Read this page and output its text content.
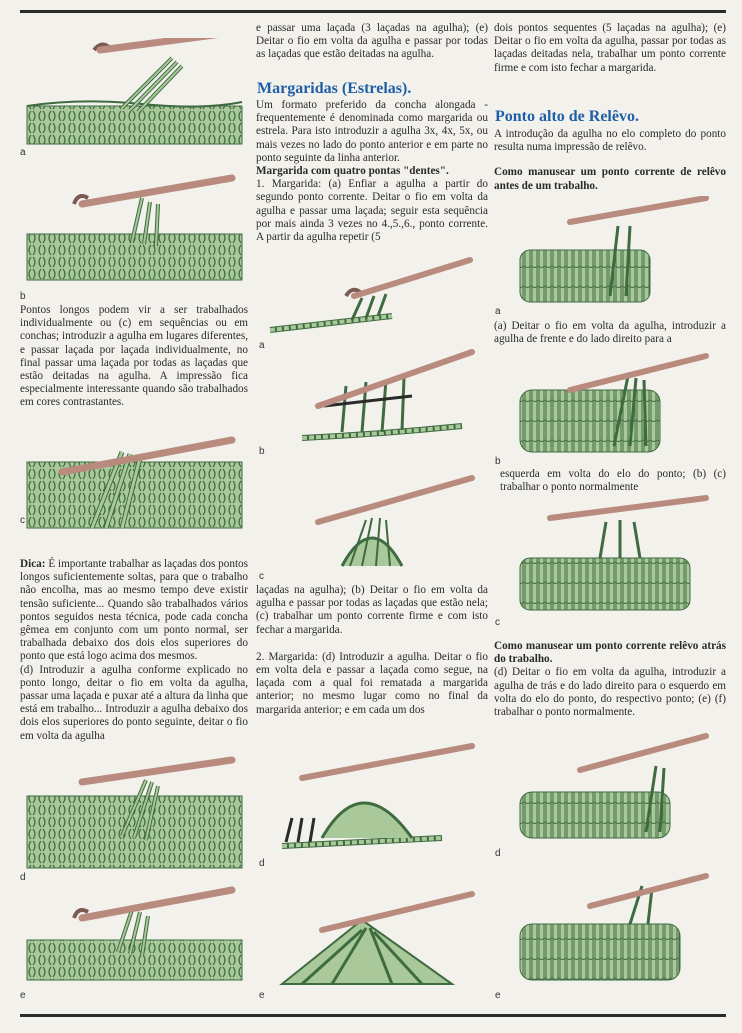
a
b

Pontos longos podem vir a ser trabalhados individualmente ou (c) em sequências ou em conchas; introduzir a agulha em lugares diferentes, e passar laçada por laçada individualmente, no final passar uma laçada por todas as laçadas que estão deitadas na agulha. A impressão fica especialmente interessante quando são trabalhados em cores contrastantes.

c

Dica: É importante trabalhar as laçadas dos pontos longos suficientemente soltas, para que o trabalho não encolha, mas ao mesmo tempo deve existir tensão suficiente... Quando são trabalhados vários pontos seguidos nesta técnica, pode cada concha gêmea em conjunto com um ponto normal, ser trabalhada debaixo dos dois elos superiores do ponto que está logo acima dos mesmos.

(d) Introduzir a agulha conforme explicado no ponto longo, deitar o fio em volta da agulha, passar uma laçada e puxar até a altura da linha que está em trabalho... Introduzir a agulha debaixo dos dois elos superiores do ponto seguinte, deitar o fio em volta da agulha

d
e

e passar uma laçada (3 laçadas na agulha); (e) Deitar o fio em volta da agulha e passar por todas as laçadas que estão deitadas na agulha.

Margaridas (Estrelas).

Um formato preferido da concha alongada - frequentemente é denominada como margarida ou estrela. Para isto introduzir a agulha 3x, 4x, 5x, ou mais vezes no lado do ponto anterior e em parte no ponto seguinte da linha anterior.

Margarida com quatro pontas "dentes".

1. Margarida: (a) Enfiar a agulha a partir do segundo ponto corrente. Deitar o fio em volta da agulha e passar uma laçada; seguir esta sequência por mais ainda 3 vezes no 4.,5.,6., ponto corrente. A partir da agulha repetir (5

a
b
c

laçadas na agulha); (b) Deitar o fio em volta da agulha e passar por todas as laçadas que estão nela; (c) trabalhar um ponto corrente firme e com isto fechar a margarida.

2. Margarida: (d) Introduzir a agulha. Deitar o fio em volta dela e passar a laçada como segue, na laçada com a qual foi rematada a margarida anterior; no mesmo lugar como no final da margarida anterior; e em cada um dos

d
e

dois pontos sequentes (5 laçadas na agulha); (e) Deitar o fio em volta da agulha, passar por todas as laçadas deitadas nela, trabalhar um ponto corrente firme e com isto fechar a margarida.

Ponto alto de Relêvo.

A introdução da agulha no elo completo do ponto resulta numa impressão de relêvo.

Como manusear um ponto corrente de relêvo antes de um trabalho.

a

(a) Deitar o fio em volta da agulha, introduzir a agulha de frente e do lado direito para a

b

esquerda em volta do elo do ponto; (b) (c) trabalhar o ponto normalmente

c

Como manusear um ponto corrente relêvo atrás do trabalho.

(d) Deitar o fio em volta da agulha, introduzir a agulha de trás e do lado direito para o esquerdo em volta do elo do ponto, do respectivo ponto; (e) (f) trabalhar o ponto normalmente.

d
e
